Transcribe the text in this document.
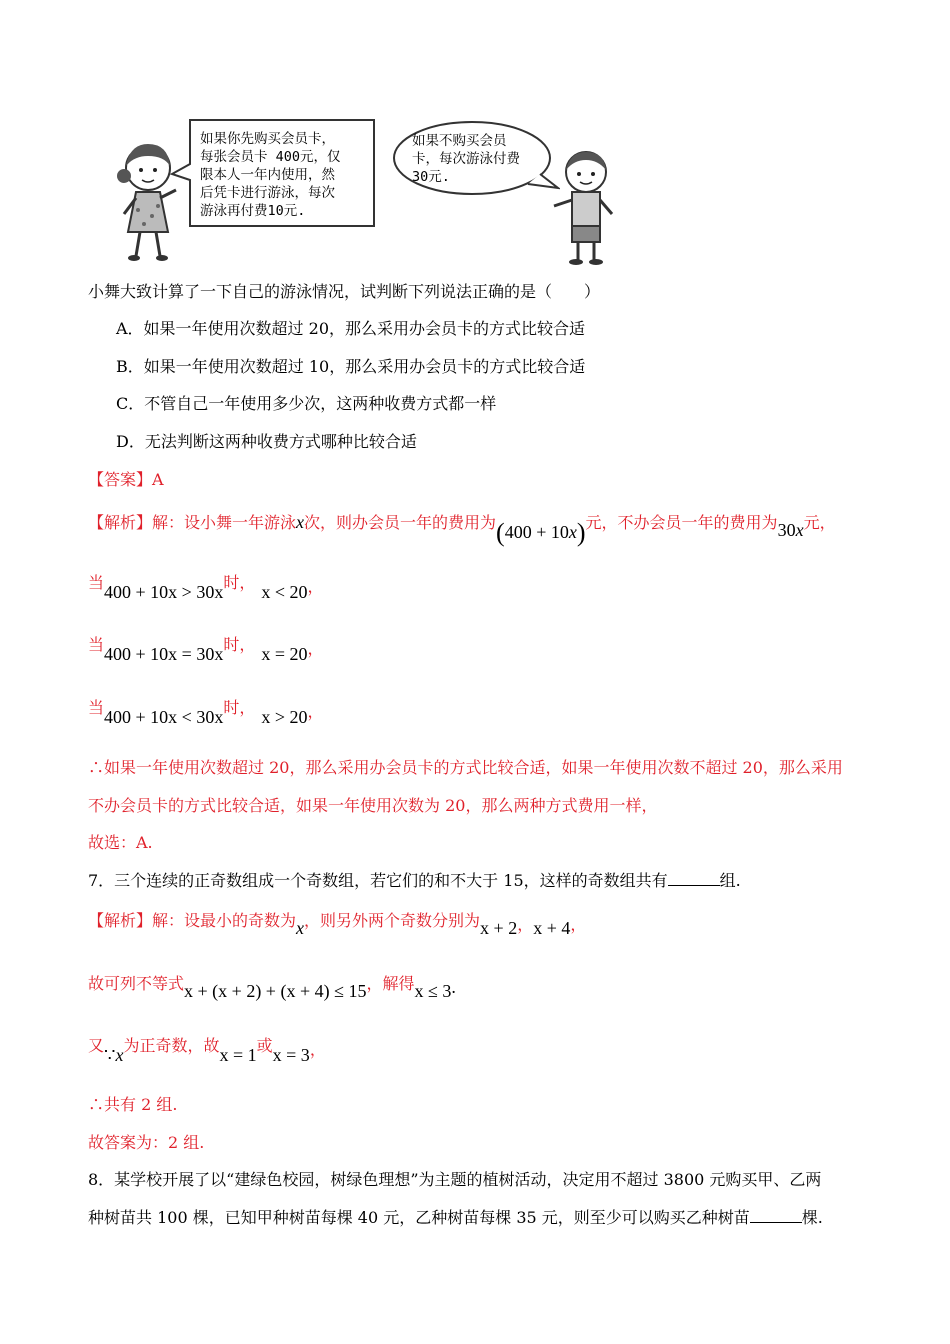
如果你先购买会员卡，
每张会员卡 400元，仅
限本人一年内使用，然
后凭卡进行游泳，每次
游泳再付费10元.
如果不购买会员
卡，每次游泳付费
30元.
小舞大致计算了一下自己的游泳情况，试判断下列说法正确的是（　　）
A．如果一年使用次数超过 20，那么采用办会员卡的方式比较合适
B．如果一年使用次数超过 10，那么采用办会员卡的方式比较合适
C．不管自己一年使用多少次，这两种收费方式都一样
D．无法判断这两种收费方式哪种比较合适
【答案】A
【解析】解：设小舞一年游泳x次，则办会员一年的费用为(400 + 10x)元，不办会员一年的费用为30x元，
当400 + 10x > 30x时， x < 20，
当400 + 10x = 30x时， x = 20，
当400 + 10x < 30x时， x > 20，
∴如果一年使用次数超过 20，那么采用办会员卡的方式比较合适，如果一年使用次数不超过 20，那么采用
不办会员卡的方式比较合适，如果一年使用次数为 20，那么两种方式费用一样，
故选：A.
7．三个连续的正奇数组成一个奇数组，若它们的和不大于 15，这样的奇数组共有	组.
【解析】解：设最小的奇数为x，则另外两个奇数分别为x + 2，x + 4，
故可列不等式x + (x + 2) + (x + 4) ≤ 15，解得x ≤ 3.
又∵x为正奇数，故x = 1或x = 3，
∴共有 2 组.
故答案为：2 组.
8．某学校开展了以“建绿色校园，树绿色理想”为主题的植树活动，决定用不超过 3800 元购买甲、乙两
种树苗共 100 棵，已知甲种树苗每棵 40 元，乙种树苗每棵 35 元，则至少可以购买乙种树苗	棵.
